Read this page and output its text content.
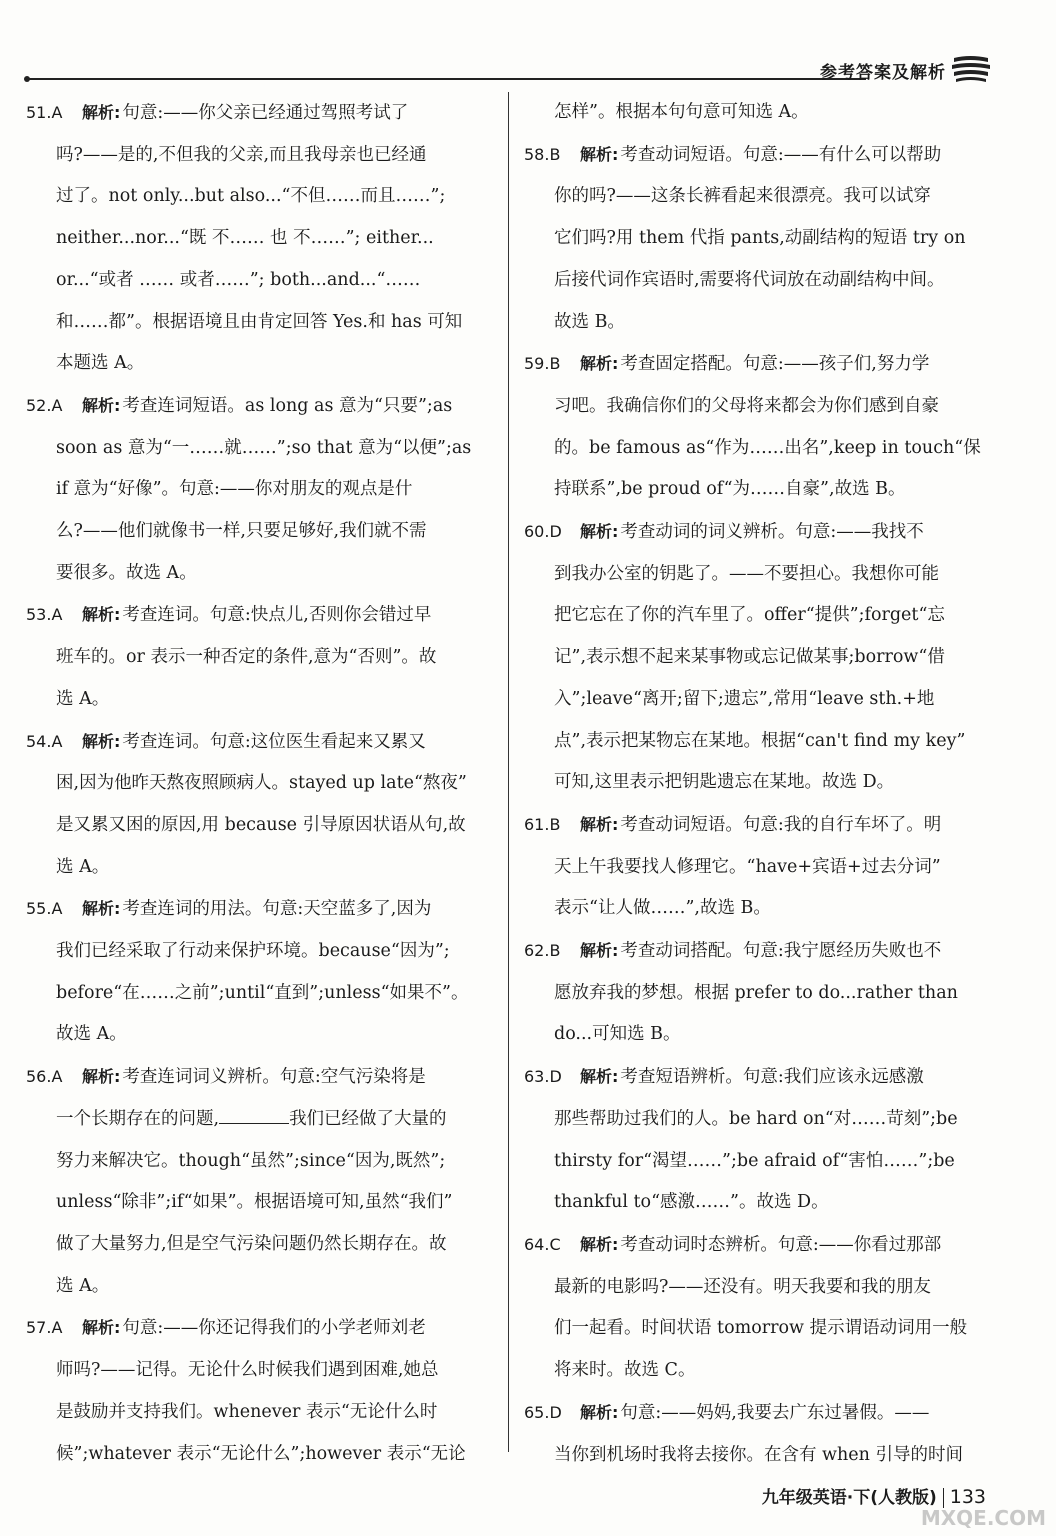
参考答案及解析

51.A 解析: 句意:——你父亲已经通过驾照考试了

吗?——是的,不但我的父亲,而且我母亲也已经通

过了。not only...but also...“不但……而且……”;

neither...nor...“既 不…… 也 不……”; either...

or...“或者 …… 或者……”; both...and...“……

和……都”。根据语境且由肯定回答 Yes.和 has 可知

本题选 A。

52.A 解析: 考查连词短语。as long as 意为“只要”;as

soon as 意为“一……就……”;so that 意为“以便”;as

if 意为“好像”。句意:——你对朋友的观点是什

么?——他们就像书一样,只要足够好,我们就不需

要很多。故选 A。

53.A 解析: 考查连词。句意:快点儿,否则你会错过早

班车的。or 表示一种否定的条件,意为“否则”。故

选 A。

54.A 解析: 考查连词。句意:这位医生看起来又累又

困,因为他昨天熬夜照顾病人。stayed up late“熬夜”

是又累又困的原因,用 because 引导原因状语从句,故

选 A。

55.A 解析: 考查连词的用法。句意:天空蓝多了,因为

我们已经采取了行动来保护环境。because“因为”;

before“在……之前”;until“直到”;unless“如果不”。

故选 A。

56.A 解析: 考查连词词义辨析。句意:空气污染将是

一个长期存在的问题,	我们已经做了大量的

努力来解决它。though“虽然”;since“因为,既然”;

unless“除非”;if“如果”。根据语境可知,虽然“我们”

做了大量努力,但是空气污染问题仍然长期存在。故

选 A。

57.A 解析: 句意:——你还记得我们的小学老师刘老

师吗?——记得。无论什么时候我们遇到困难,她总

是鼓励并支持我们。whenever 表示“无论什么时

候”;whatever 表示“无论什么”;however 表示“无论

怎样”。根据本句句意可知选 A。

58.B 解析: 考查动词短语。句意:——有什么可以帮助

你的吗?——这条长裤看起来很漂亮。我可以试穿

它们吗?用 them 代指 pants,动副结构的短语 try on

后接代词作宾语时,需要将代词放在动副结构中间。

故选 B。

59.B 解析: 考查固定搭配。句意:——孩子们,努力学

习吧。我确信你们的父母将来都会为你们感到自豪

的。be famous as“作为……出名”,keep in touch“保

持联系”,be proud of“为……自豪”,故选 B。

60.D 解析: 考查动词的词义辨析。句意:——我找不

到我办公室的钥匙了。——不要担心。我想你可能

把它忘在了你的汽车里了。offer“提供”;forget“忘

记”,表示想不起来某事物或忘记做某事;borrow“借

入”;leave“离开;留下;遗忘”,常用“leave sth.+地

点”,表示把某物忘在某地。根据“can't find my key”

可知,这里表示把钥匙遗忘在某地。故选 D。

61.B 解析: 考查动词短语。句意:我的自行车坏了。明

天上午我要找人修理它。“have+宾语+过去分词”

表示“让人做……”,故选 B。

62.B 解析: 考查动词搭配。句意:我宁愿经历失败也不

愿放弃我的梦想。根据 prefer to do...rather than

do...可知选 B。

63.D 解析: 考查短语辨析。句意:我们应该永远感激

那些帮助过我们的人。be hard on“对……苛刻”;be

thirsty for“渴望……”;be afraid of“害怕……”;be

thankful to“感激……”。故选 D。

64.C 解析: 考查动词时态辨析。句意:——你看过那部

最新的电影吗?——还没有。明天我要和我的朋友

们一起看。时间状语 tomorrow 提示谓语动词用一般

将来时。故选 C。

65.D 解析: 句意:——妈妈,我要去广东过暑假。——

当你到机场时我将去接你。在含有 when 引导的时间

九年级英语·下(人教版) 133
MXQE.COM
